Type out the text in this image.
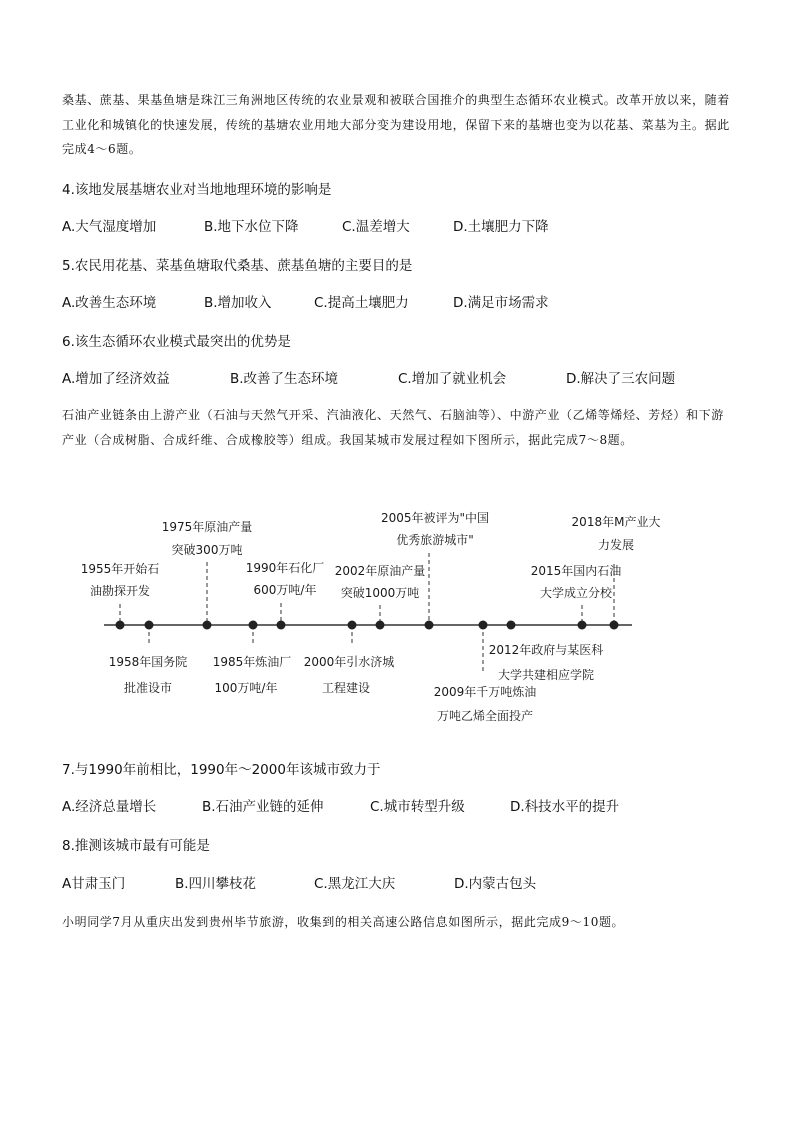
桑基、蔗基、果基鱼塘是珠江三角洲地区传统的农业景观和被联合国推介的典型生态循环农业模式。改革开放以来，随着工业化和城镇化的快速发展，传统的基塘农业用地大部分变为建设用地，保留下来的基塘也变为以花基、菜基为主。据此完成4～6题。

4.该地发展基塘农业对当地地理环境的影响是

A.大气湿度增加	B.地下水位下降	C.温差增大	D.土壤肥力下降

5.农民用花基、菜基鱼塘取代桑基、蔗基鱼塘的主要目的是

A.改善生态环境	B.增加收入	C.提高土壤肥力	D.满足市场需求

6.该生态循环农业模式最突出的优势是

A.增加了经济效益	B.改善了生态环境	C.增加了就业机会	D.解决了三农问题

石油产业链条由上游产业（石油与天然气开采、汽油液化、天然气、石脑油等）、中游产业（乙烯等烯烃、芳烃）和下游产业（合成树脂、合成纤维、合成橡胶等）组成。我国某城市发展过程如下图所示，据此完成7～8题。

1955年开始石
油勘探开发
1975年原油产量
突破300万吨
1990年石化厂
600万吨/年
2002年原油产量
突破1000万吨
2005年被评为"中国
优秀旅游城市"
2015年国内石油
大学成立分校
2018年M产业大
力发展
1958年国务院
批准设市
1985年炼油厂
100万吨/年
2000年引水济城
工程建设	2009年千万吨炼油
万吨乙烯全面投产
2012年政府与某医科
大学共建相应学院

7.与1990年前相比，1990年～2000年该城市致力于

A.经济总量增长	B.石油产业链的延伸	C.城市转型升级	D.科技水平的提升

8.推测该城市最有可能是

A甘肃玉门	B.四川攀枝花	C.黑龙江大庆	D.内蒙古包头

小明同学7月从重庆出发到贵州毕节旅游，收集到的相关高速公路信息如图所示，据此完成9～10题。
